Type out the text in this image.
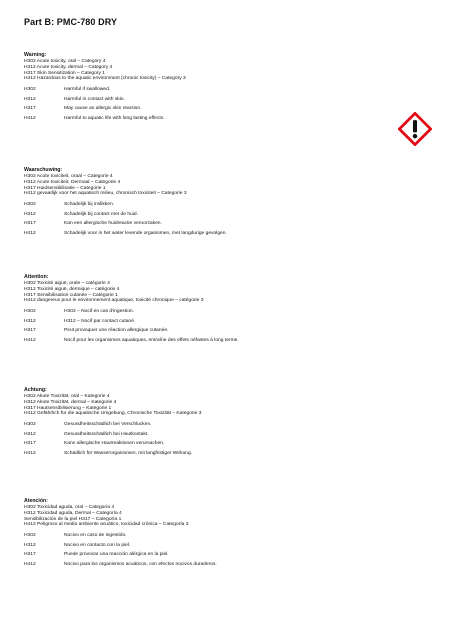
Part B: PMC-780 DRY
Warning:
H302 Acute toxicity, oral – Category 4
H312 Acute toxicity, dermal – Category 4
H317 Skin Sensitization – Category 1
H412 Hazardous to the aquatic environment (chronic toxicity) – Category 3
H302	Harmful if swallowed.
H312	Harmful in contact with skin.
H317	May cause an allergic skin reaction.
H412	Harmful to aquatic life with long lasting effects.
Waarschuwing:
H302 Acute toxiciteit, oraal – Categorie 4
H312 Acute toxiciteit, Dermaal – Categorie 4
H317 Huidsensibilisatie – Categorie 1
H412 gevaarlijk voor het aquatisch milieu, chronisch toxiciteit – Categorie 3
H302	Schadelijk bij inslikken.
H312	Schadelijk bij contact met de huid.
H317	Kan een allergische huidreactie veroorzaken.
H412	Schadelijk voor in het water levende organismen, met langdurige gevolgen.
Attention:
H302 Toxicité aiguë, orale – catégorie 4
H312 Toxicité aiguë, dermique – catégorie 4
H317 Sensibilisation cutanée – Catégorie 1
H412 dangereux pour le environnement aquatique, toxicité chronique – catégorie 3
H302	H302 – Nocif en cas d'ingestion.
H312	H312 – Nocif par contact cutané.
H317	Peut provoquer une réaction allergique cutanée.
H412	Nocif pour les organismes aquatiques, entraîne des effets néfastes à long terme.
Achtung:
H302 Akute Toxizität, oral – Kategorie 4
H312 Akute Toxizität, dermal – Kategorie 4
H317 Hautsensibilisierung – Kategorie 1
H412 Gefährlich für die aquatische Umgebung, Chronische Toxizität – Kategorie 3
H302	Gesundheitsschädlich bei Verschlucken.
H312	Gesundheitsschädlich bei Hautkontakt.
H317	Kann allergische Hautreaktionen verursachen.
H412	Schädlich für Wasserorganismen, mit langfristiger Wirkung.
Atención:
H302 Toxicidad aguda, oral – Categoría 4
H312 Toxicidad aguda, Dermal – Categoría 4
Sensibilización de la piel H317 – Categoría 1
H412 Peligroso al medio ambiente acuático, toxicidad crónica – Categoría 3
H302	Nocivo en caso de ingestión.
H312	Nocivo en contacto con la piel.
H317	Puede provocar una reacción alérgica en la piel.
H412	Nocivo para los organismos acuáticos, con efectos nocivos duraderos.
